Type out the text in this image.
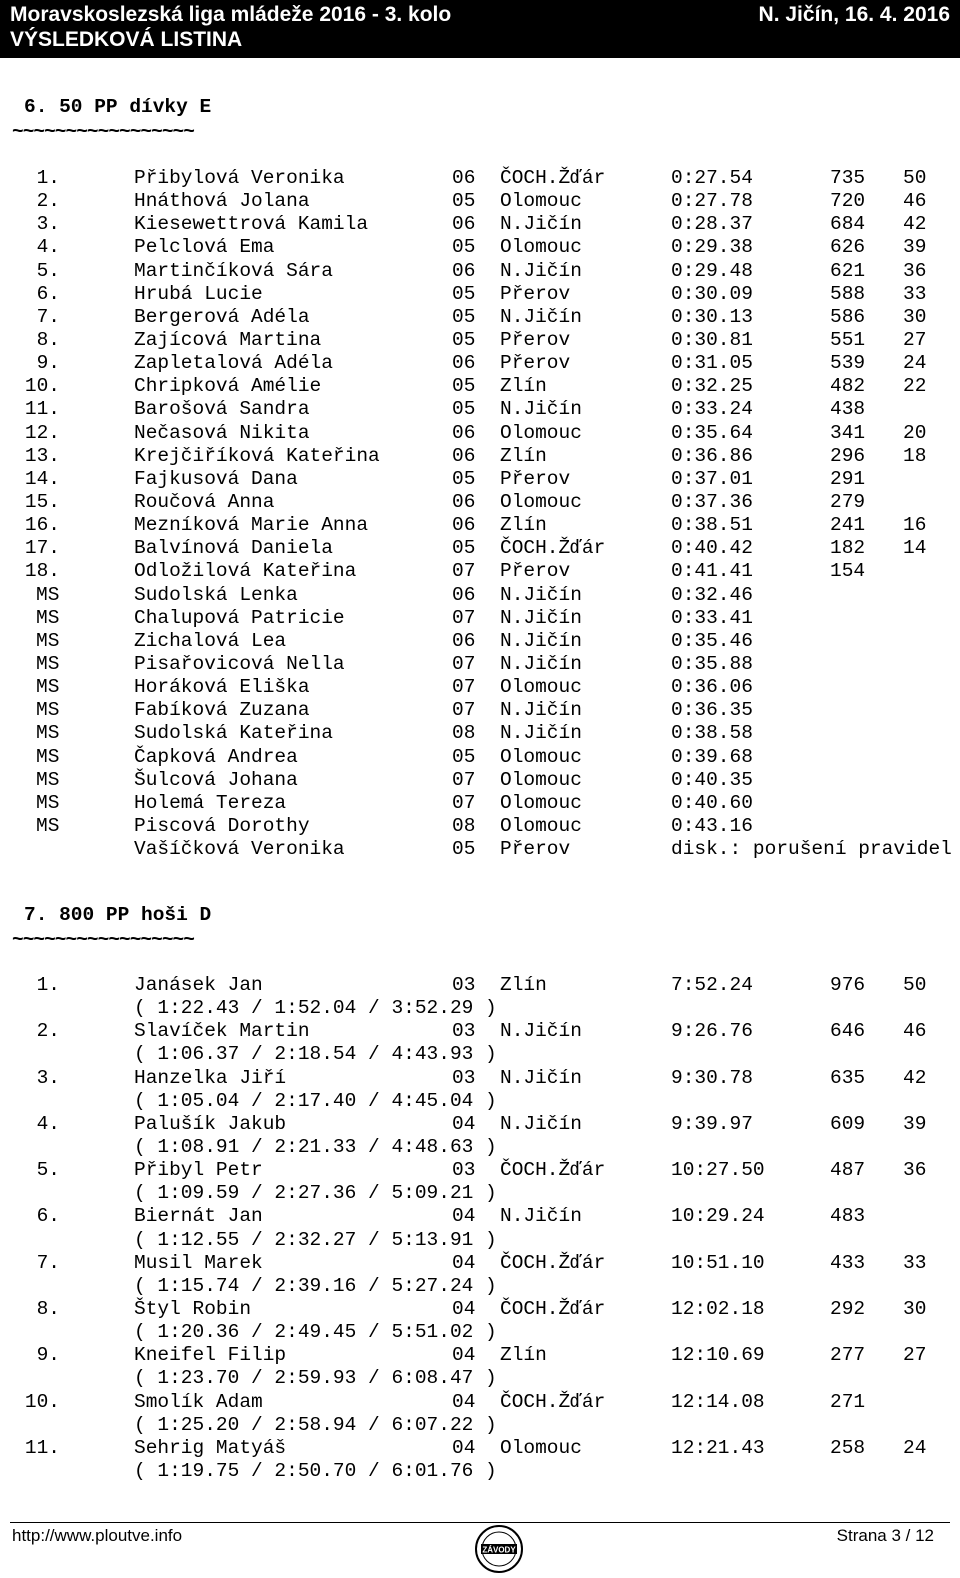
Moravskoslezská liga mládeže 2016 - 3. kolo	N. Jičín, 16. 4. 2016
VÝSLEDKOVÁ LISTINA
6. 50 PP dívky E
~~~~~~~~~~~~~~~~~
1.	Přibylová Veronika	06 ČOCH.Žďár	0:27.54	735 50
2.	Hnáthová Jolana	05 Olomouc	0:27.78	720 46
3.	Kiesewettrová Kamila	06 N.Jičín	0:28.37	684 42
4.	Pelclová Ema	05 Olomouc	0:29.38	626 39
5.	Martinčíková Sára	06 N.Jičín	0:29.48	621 36
6.	Hrubá Lucie	05 Přerov	0:30.09	588 33
7.	Bergerová Adéla	05 N.Jičín	0:30.13	586 30
8.	Zajícová Martina	05 Přerov	0:30.81	551 27
9.	Zapletalová Adéla	06 Přerov	0:31.05	539 24
10.	Chripková Amélie	05 Zlín	0:32.25	482 22
11.	Barošová Sandra	05 N.Jičín	0:33.24	438
12.	Nečasová Nikita	06 Olomouc	0:35.64	341 20
13.	Krejčiříková Kateřina	06 Zlín	0:36.86	296 18
14.	Fajkusová Dana	05 Přerov	0:37.01	291
15.	Roučová Anna	06 Olomouc	0:37.36	279
16.	Mezníková Marie Anna	06 Zlín	0:38.51	241 16
17.	Balvínová Daniela	05 ČOCH.Žďár	0:40.42	182 14
18.	Odložilová Kateřina	07 Přerov	0:41.41	154
MS	Sudolská Lenka	06 N.Jičín	0:32.46
MS	Chalupová Patricie	07 N.Jičín	0:33.41
MS	Zichalová Lea	06 N.Jičín	0:35.46
MS	Pisařovicová Nella	07 N.Jičín	0:35.88
MS	Horáková Eliška	07 Olomouc	0:36.06
MS	Fabíková Zuzana	07 N.Jičín	0:36.35
MS	Sudolská Kateřina	08 N.Jičín	0:38.58
MS	Čapková Andrea	05 Olomouc	0:39.68
MS	Šulcová Johana	07 Olomouc	0:40.35
MS	Holemá Tereza	07 Olomouc	0:40.60
MS	Piscová Dorothy	08 Olomouc	0:43.16
Vašíčková Veronika	05 Přerov	disk.: porušení pravidel
7. 800 PP hoši D
~~~~~~~~~~~~~~~~~
1.	Janásek Jan	03 Zlín	7:52.24	976 50
( 1:22.43 / 1:52.04 / 3:52.29 )
2.	Slavíček Martin	03 N.Jičín	9:26.76	646 46
( 1:06.37 / 2:18.54 / 4:43.93 )
3.	Hanzelka Jiří	03 N.Jičín	9:30.78	635 42
( 1:05.04 / 2:17.40 / 4:45.04 )
4.	Palušík Jakub	04 N.Jičín	9:39.97	609 39
( 1:08.91 / 2:21.33 / 4:48.63 )
5.	Přibyl Petr	03 ČOCH.Žďár	10:27.50	487 36
( 1:09.59 / 2:27.36 / 5:09.21 )
6.	Biernát Jan	04 N.Jičín	10:29.24	483
( 1:12.55 / 2:32.27 / 5:13.91 )
7.	Musil Marek	04 ČOCH.Žďár	10:51.10	433 33
( 1:15.74 / 2:39.16 / 5:27.24 )
8.	Štyl Robin	04 ČOCH.Žďár	12:02.18	292 30
( 1:20.36 / 2:49.45 / 5:51.02 )
9.	Kneifel Filip	04 Zlín	12:10.69	277 27
( 1:23.70 / 2:59.93 / 6:08.47 )
10.	Smolík Adam	04 ČOCH.Žďár	12:14.08	271
( 1:25.20 / 2:58.94 / 6:07.22 )
11.	Sehrig Matyáš	04 Olomouc	12:21.43	258 24
( 1:19.75 / 2:50.70 / 6:01.76 )
http://www.ploutve.info
ZÁVODY
Strana 3 / 12
